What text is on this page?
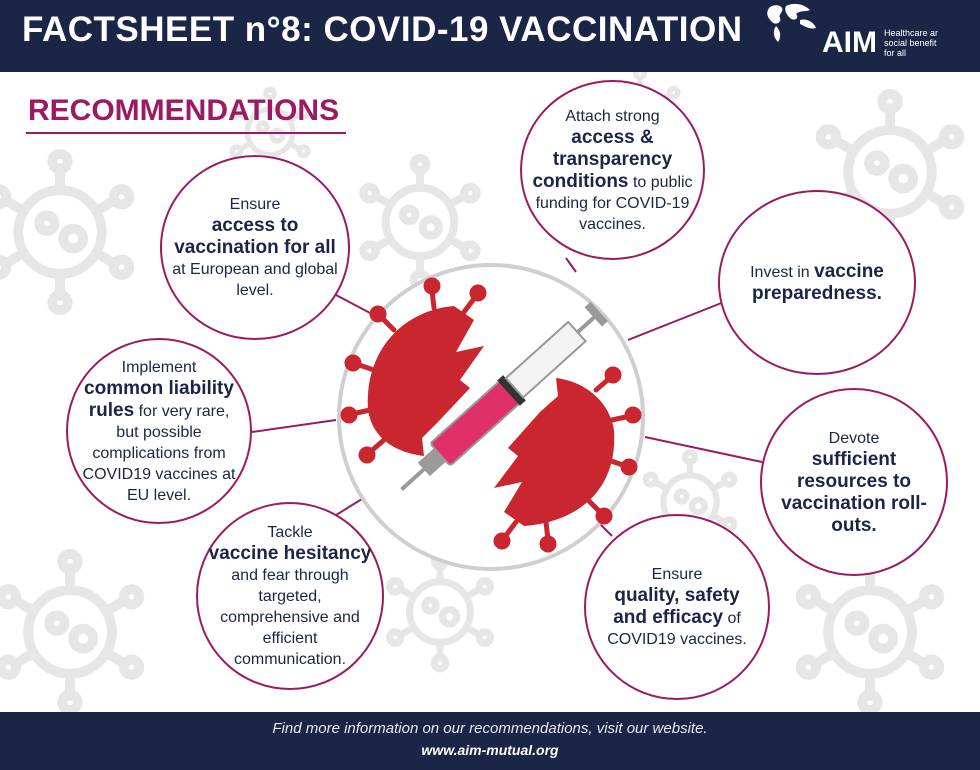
FACTSHEET n°8: COVID-19 VACCINATION	AIM Healthcare ar
social benefit
for all
RECOMMENDATIONS
Ensure
access to vaccination for all at European and global level.
Attach strong
access & transparency conditions to public funding for COVID-19 vaccines.
Invest in vaccine preparedness.
Implement
common liability rules for very rare, but possible complications from COVID19 vaccines at EU level.
Devote
sufficient resources to vaccination roll-outs.
Tackle
vaccine hesitancy and fear through targeted, comprehensive and efficient communication.
Ensure
quality, safety and efficacy of COVID19 vaccines.
Find more information on our recommendations, visit our website.
www.aim-mutual.org
